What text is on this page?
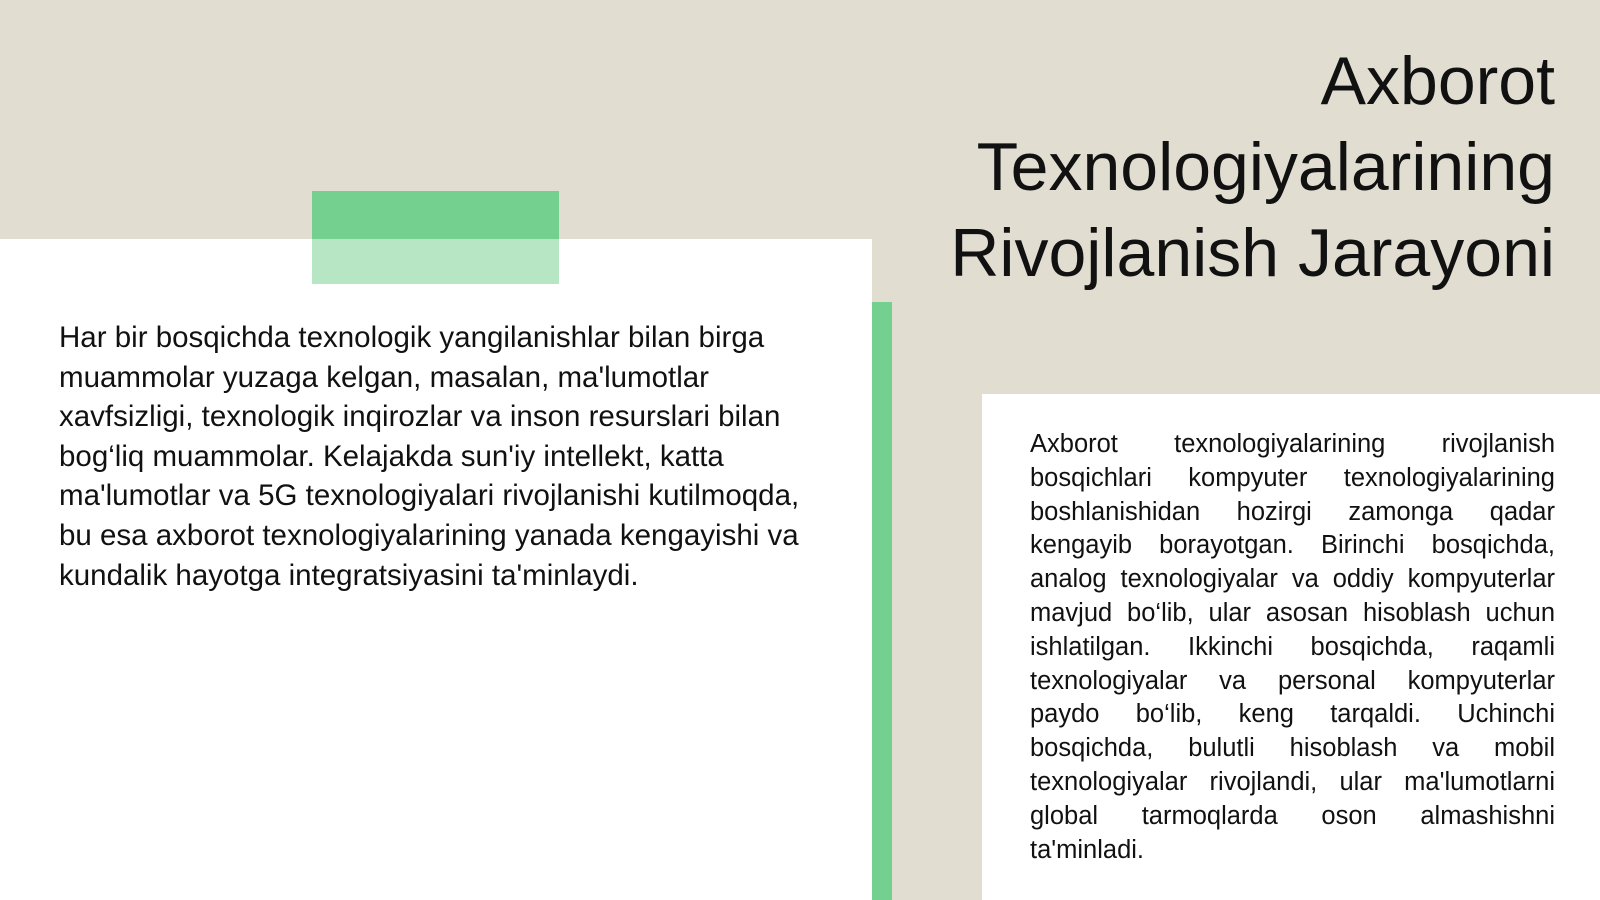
Axborot Texnologiyalarining Rivojlanish Jarayoni

Har bir bosqichda texnologik yangilanishlar bilan birga muammolar yuzaga kelgan, masalan, ma'lumotlar xavfsizligi, texnologik inqirozlar va inson resurslari bilan bog‘liq muammolar. Kelajakda sun'iy intellekt, katta ma'lumotlar va 5G texnologiyalari rivojlanishi kutilmoqda, bu esa axborot texnologiyalarining yanada kengayishi va kundalik hayotga integratsiyasini ta'minlaydi.

Axborot texnologiyalarining rivojlanish bosqichlari kompyuter texnologiyalarining boshlanishidan hozirgi zamonga qadar kengayib borayotgan. Birinchi bosqichda, analog texnologiyalar va oddiy kompyuterlar mavjud bo‘lib, ular asosan hisoblash uchun ishlatilgan. Ikkinchi bosqichda, raqamli texnologiyalar va personal kompyuterlar paydo bo‘lib, keng tarqaldi. Uchinchi bosqichda, bulutli hisoblash va mobil texnologiyalar rivojlandi, ular ma'lumotlarni global tarmoqlarda oson almashishni ta'minladi.
